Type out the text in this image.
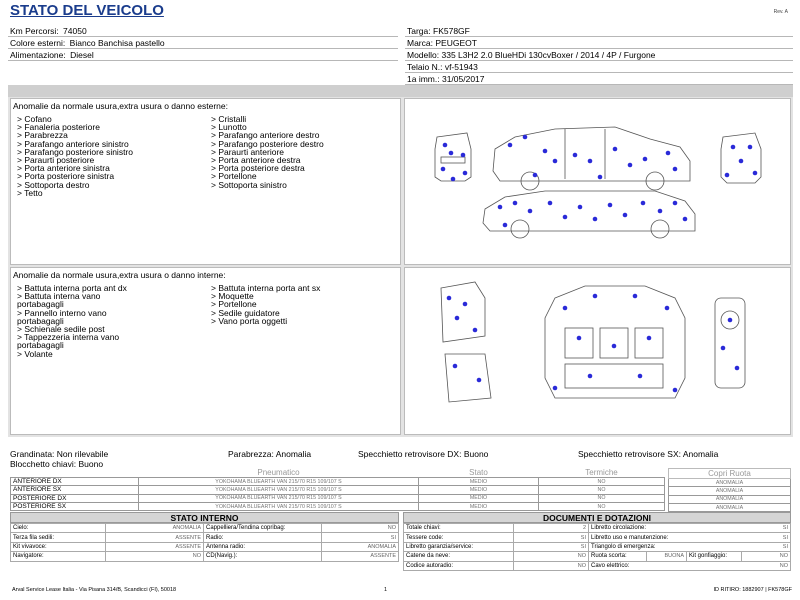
STATO DEL VEICOLO	Rev. A
Km Percorsi: 74050
Colore esterni: Bianco Banchisa pastello
Alimentazione: Diesel
Targa: FK578GF
Marca: PEUGEOT
Modello: 335 L3H2 2.0 BlueHDi 130cvBoxer / 2014 / 4P / Furgone
Telaio N.: vf-51943
1a imm.: 31/05/2017
Anomalie da normale usura,extra usura o danno esterne:
> Cofano
> Fanaleria posteriore
> Parabrezza
> Parafango anteriore sinistro
> Parafango posteriore sinistro
> Paraurti posteriore
> Porta anteriore sinistra
> Porta posteriore sinistra
> Sottoporta destro
> Tetto
> Cristalli
> Lunotto
> Parafango anteriore destro
> Parafango posteriore destro
> Paraurti anteriore
> Porta anteriore destra
> Porta posteriore destra
> Portellone
> Sottoporta sinistro
Anomalie da normale usura,extra usura o danno interne:
> Battuta interna porta ant dx
> Battuta interna vano
portabagagli
> Pannello interno vano
portabagagli
> Schienale sedile post
> Tappezzeria interna vano
portabagagli
> Volante
> Battuta interna porta ant sx
> Moquette
> Portellone
> Sedile guidatore
> Vano porta oggetti
Grandinata: Non rilevabile	Parabrezza: Anomalia	Specchietto retrovisore DX: Buono	Specchietto retrovisore SX: Anomalia
Blocchetto chiavi: Buono
	Pneumatico	Stato	Termiche
ANTERIORE DX	YOKOHAMA BLUEARTH VAN 215/70 R15 109/107 S	MEDIO	NO
ANTERIORE SX	YOKOHAMA BLUEARTH VAN 215/70 R15 109/107 S	MEDIO	NO
POSTERIORE DX	YOKOHAMA BLUEARTH VAN 215/70 R15 109/107 S	MEDIO	NO
POSTERIORE SX	YOKOHAMA BLUEARTH VAN 215/70 R15 109/107 S	MEDIO	NO
Copri Ruota
ANOMALIA
ANOMALIA
ANOMALIA
ANOMALIA
STATO INTERNO
Cielo:	ANOMALIA	Cappelliera/Tendina copribag:	NO
Terza fila sedili:	ASSENTE	Radio:	SI
Kit vivavoce:	ASSENTE	Antenna radio:	ANOMALIA
Navigatore:	NO	CD(Navig.):	ASSENTE
DOCUMENTI E DOTAZIONI
Totale chiavi:	2	Libretto circolazione: SI			

Tessere code:	SI	Libretto uso e manutenzione: SI			

Libretto garanzia/service:	SI	Triangolo di emergenza: SI			

Catene da neve:	NO	Ruota scorta:	BUONA	Kit gonfiaggio:	NO
Codice autoradio:	NO	Cavo elettrico: NO			
Arval Service Lease Italia - Via Pisana 314/B, Scandicci (FI), 50018	1	ID RITIRO: 1882907 | FK578GF
